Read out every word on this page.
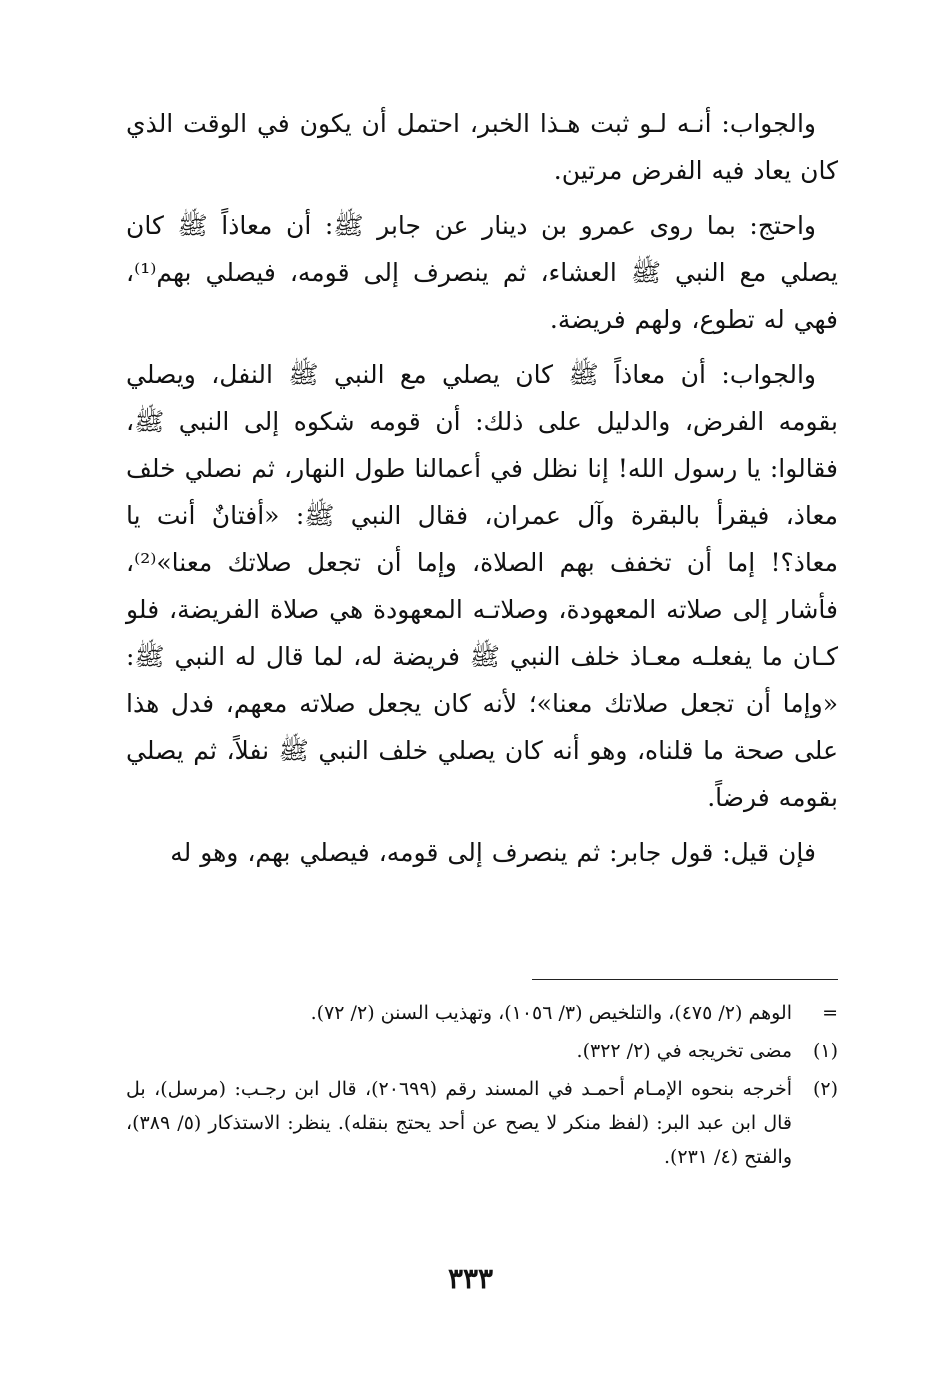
والجواب: أنـه لـو ثبت هـذا الخبر، احتمل أن يكون في الوقت الذي كان يعاد فيه الفرض مرتين.

واحتج: بما روى عمرو بن دينار عن جابر ﷺ: أن معاذاً ﷺ كان يصلي مع النبي ﷺ العشاء، ثم ينصرف إلى قومه، فيصلي بهم⁽¹⁾، فهي له تطوع، ولهم فريضة.

والجواب: أن معاذاً ﷺ كان يصلي مع النبي ﷺ النفل، ويصلي بقومه الفرض، والدليل على ذلك: أن قومه شكوه إلى النبي ﷺ، فقالوا: يا رسول الله! إنا نظل في أعمالنا طول النهار، ثم نصلي خلف معاذ، فيقرأ بالبقرة وآل عمران، فقال النبي ﷺ: «أفتانٌ أنت يا معاذ؟! إما أن تخفف بهم الصلاة، وإما أن تجعل صلاتك معنا»⁽²⁾، فأشار إلى صلاته المعهودة، وصلاتـه المعهودة هي صلاة الفريضة، فلو كـان ما يفعلـه معـاذ خلف النبي ﷺ فريضة له، لما قال له النبي ﷺ: «وإما أن تجعل صلاتك معنا»؛ لأنه كان يجعل صلاته معهم، فدل هذا على صحة ما قلناه، وهو أنه كان يصلي خلف النبي ﷺ نفلاً، ثم يصلي بقومه فرضاً.

فإن قيل: قول جابر: ثم ينصرف إلى قومه، فيصلي بهم، وهو له

=
الوهم (٢/ ٤٧٥)، والتلخيص (٣/ ١٠٥٦)، وتهذيب السنن (٢/ ٧٢).
(١)
مضى تخريجه في (٢/ ٣٢٢).
(٢)
أخرجه بنحوه الإمـام أحمـد في المسند رقم (٢٠٦٩٩)، قال ابن رجـب: (مرسل)، بل قال ابن عبد البر: (لفظ منكر لا يصح عن أحد يحتج بنقله). ينظر: الاستذكار (٥/ ٣٨٩)، والفتح (٤/ ٢٣١).
٣٣٣
